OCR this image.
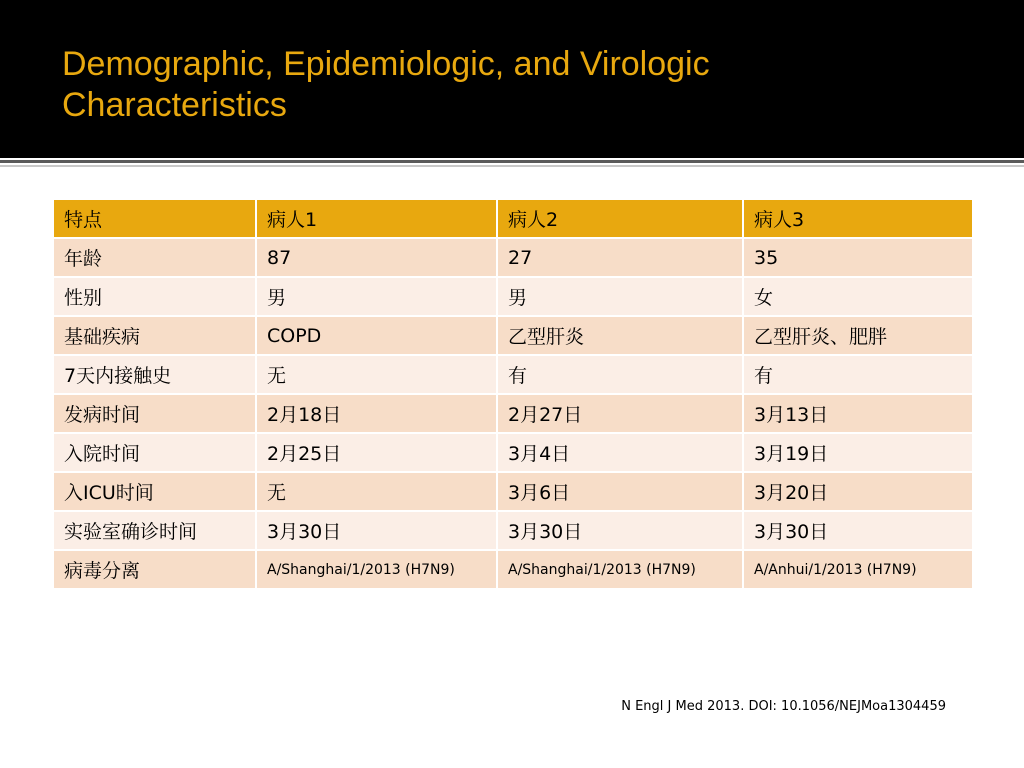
Demographic, Epidemiologic, and Virologic
Characteristics
特点	病人1	病人2	病人3
年龄	87	27	35
性别	男	男	女
基础疾病	COPD	乙型肝炎	乙型肝炎、肥胖
7天内接触史	无	有	有
发病时间	2月18日	2月27日	3月13日
入院时间	2月25日	3月4日	3月19日
入ICU时间	无	3月6日	3月20日
实验室确诊时间	3月30日	3月30日	3月30日
病毒分离	A/Shanghai/1/2013 (H7N9)	A/Shanghai/1/2013 (H7N9)	A/Anhui/1/2013 (H7N9)
N Engl J Med 2013. DOI: 10.1056/NEJMoa1304459
